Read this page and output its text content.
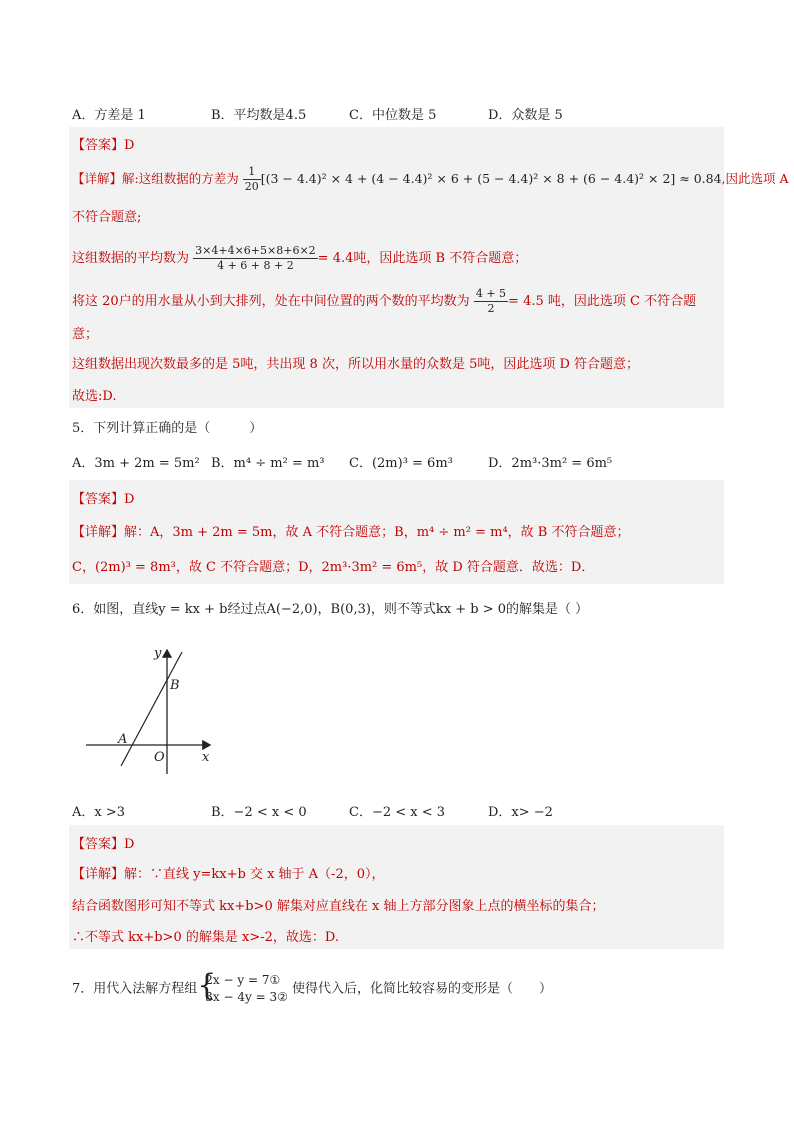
A．方差是 1	B．平均数是4.5	C．中位数是 5	D．众数是 5
【答案】D
【详解】解:这组数据的方差为 $\frac{1}{20} [(3 - 4.4)^2 \times 4 + (4 - 4.4)^2 \times 6 + (5 - 4.4)^2 \times 8 + (6 - 4.4)^2 \times 2] \approx 0.84$,因此选项 A
不符合题意;
这组数据的平均数为 $\frac{3\times 4+4\times 6+5\times 8+6\times 2}{4 + 6 + 8 + 2} = 4.4$吨，因此选项 B 不符合题意；
将这 20户的用水量从小到大排列，处在中间位置的两个数的平均数为 $\frac{4 + 5}{2} = 4.5$ 吨，因此选项 C 不符合题
意；
这组数据出现次数最多的是 5吨，共出现 8 次，所以用水量的众数是 5吨，因此选项 D 符合题意；
故选:D.
5．下列计算正确的是（　　　）
A．3m + 2m = 5m² B．m⁴ ÷ m² = m³ C．(2m)³ = 6m³	D．2m³·3m² = 6m⁵
【答案】D
【详解】解：A，3m + 2m = 5m，故 A 不符合题意；B，m⁴ ÷ m² = m⁴，故 B 不符合题意；
C，(2m)³ = 8m³，故 C 不符合题意；D，2m³·3m² = 6m⁵，故 D 符合题意．故选：D．
6．如图，直线y = kx + b经过点A(−2,0)，B(0,3)，则不等式kx + b > 0的解集是（ ）
y
x
B
A
O
A．x >3	B．−2 < x < 0	C．−2 < x < 3	D．x> −2
【答案】D
【详解】解：∵直线 y=kx+b 交 x 轴于 A（-2，0），
结合函数图形可知不等式 kx+b>0 解集对应直线在 x 轴上方部分图象上点的横坐标的集合；
∴不等式 kx+b>0 的解集是 x>-2，故选：D.
7．用代入法解方程组 {
2x − y = 7①
3x − 4y = 3②
使得代入后，化简比较容易的变形是（　　）
